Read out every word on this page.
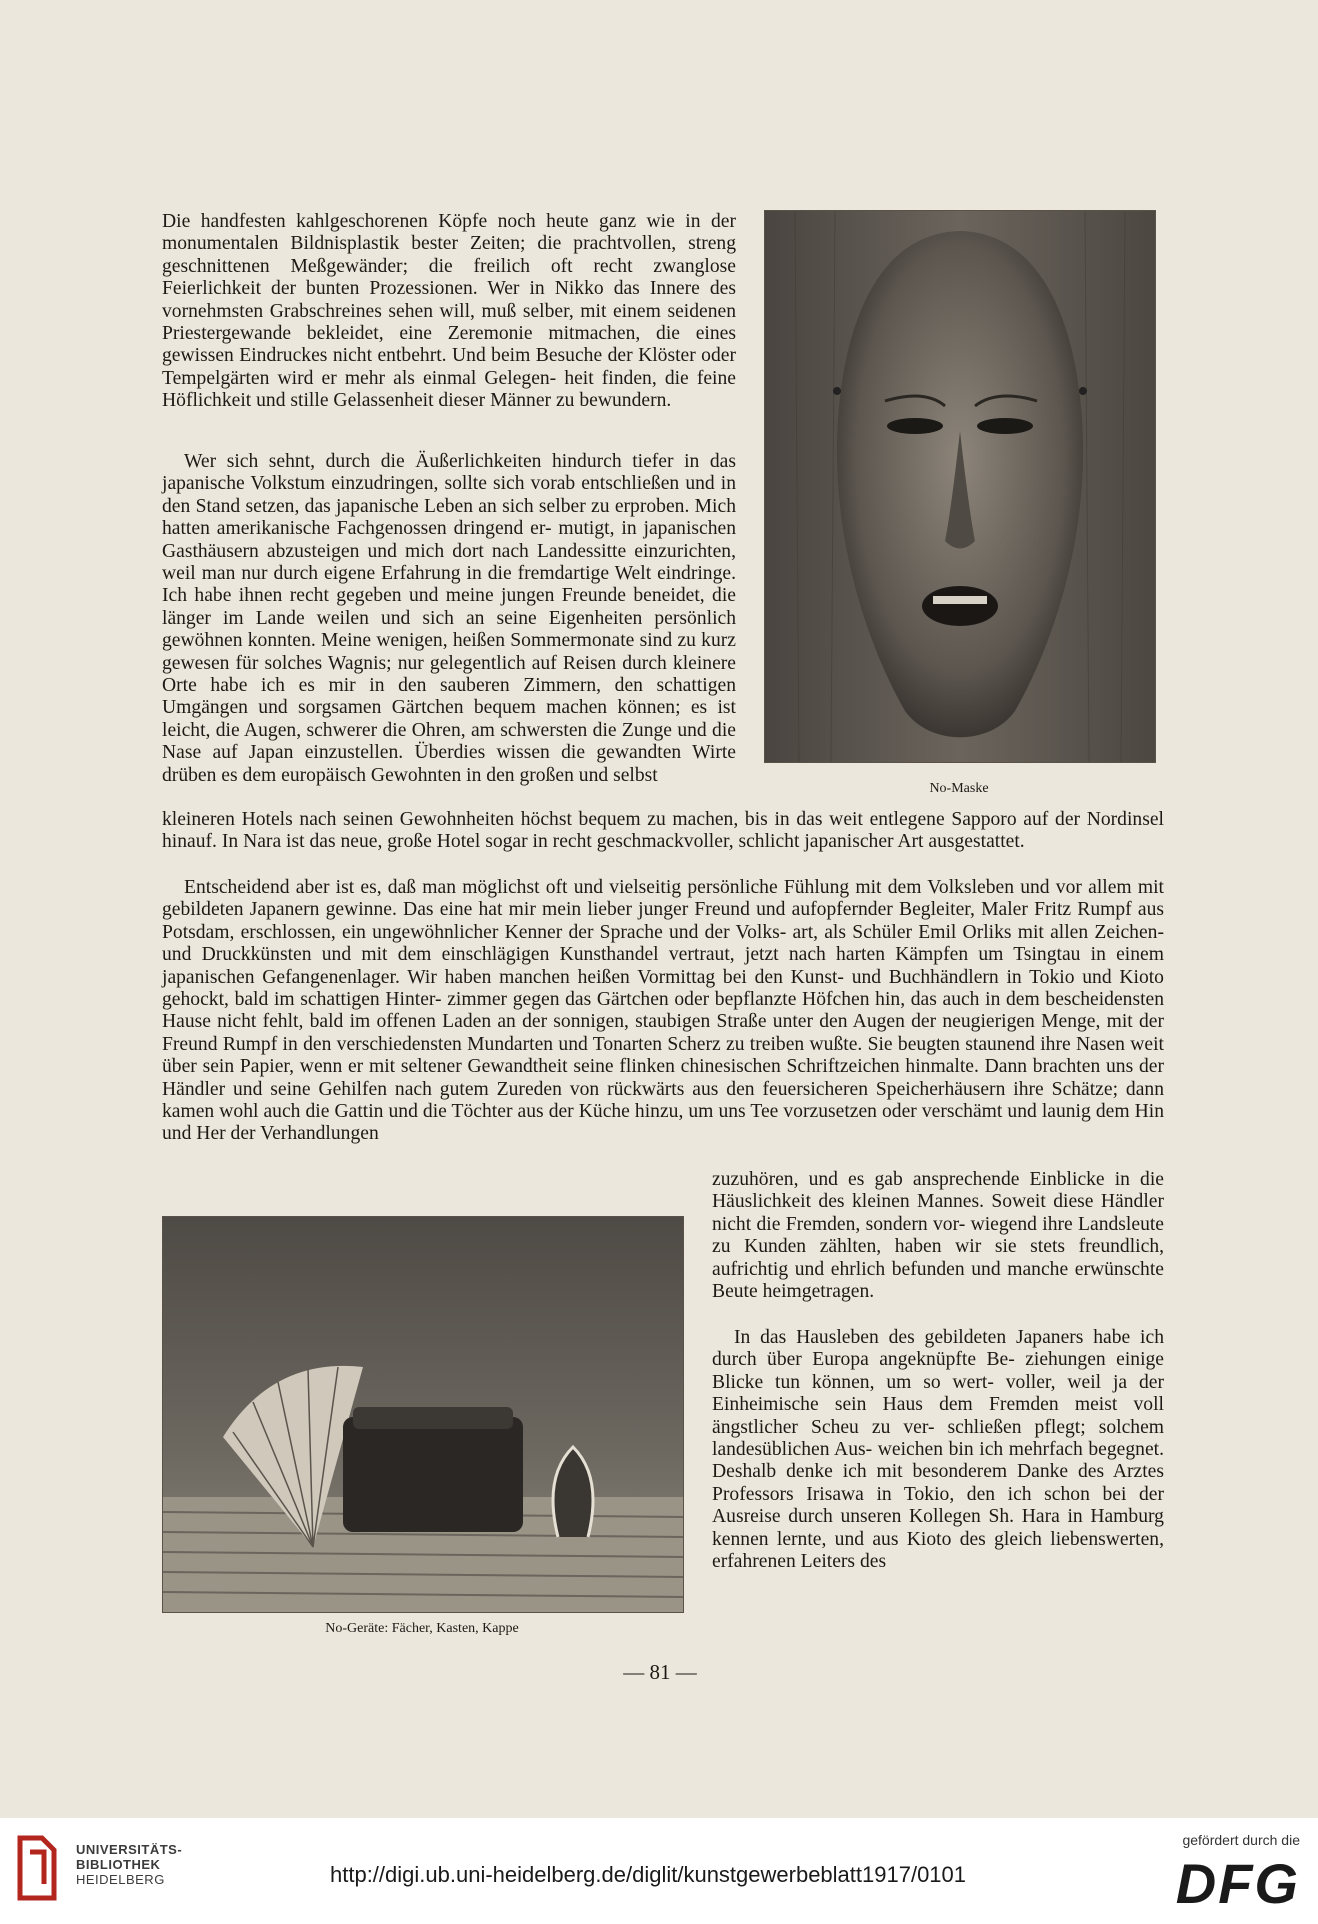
Die handfesten kahlgeschorenen Köpfe noch heute ganz wie in der monumentalen Bildnisplastik bester Zeiten; die prachtvollen, streng geschnittenen Meßgewänder; die freilich oft recht zwanglose Feierlichkeit der bunten Prozessionen. Wer in Nikko das Innere des vornehmsten Grabschreines sehen will, muß selber, mit einem seidenen Priestergewande bekleidet, eine Zeremonie mitmachen, die eines gewissen Eindruckes nicht entbehrt. Und beim Besuche der Klöster oder Tempelgärten wird er mehr als einmal Gelegen- heit finden, die feine Höflichkeit und stille Gelassenheit dieser Männer zu bewundern.
Wer sich sehnt, durch die Äußerlichkeiten hindurch tiefer in das japanische Volkstum einzudringen, sollte sich vorab entschließen und in den Stand setzen, das japanische Leben an sich selber zu erproben. Mich hatten amerikanische Fachgenossen dringend er- mutigt, in japanischen Gasthäusern abzusteigen und mich dort nach Landessitte einzurichten, weil man nur durch eigene Erfahrung in die fremdartige Welt eindringe. Ich habe ihnen recht gegeben und meine jungen Freunde beneidet, die länger im Lande weilen und sich an seine Eigenheiten persönlich gewöhnen konnten. Meine wenigen, heißen Sommermonate sind zu kurz gewesen für solches Wagnis; nur gelegentlich auf Reisen durch kleinere Orte habe ich es mir in den sauberen Zimmern, den schattigen Umgängen und sorgsamen Gärtchen bequem machen können; es ist leicht, die Augen, schwerer die Ohren, am schwersten die Zunge und die Nase auf Japan einzustellen. Überdies wissen die gewandten Wirte drüben es dem europäisch Gewohnten in den großen und selbst
kleineren Hotels nach seinen Gewohnheiten höchst bequem zu machen, bis in das weit entlegene Sapporo auf der Nordinsel hinauf. In Nara ist das neue, große Hotel sogar in recht geschmackvoller, schlicht japanischer Art ausgestattet.
Entscheidend aber ist es, daß man möglichst oft und vielseitig persönliche Fühlung mit dem Volksleben und vor allem mit gebildeten Japanern gewinne. Das eine hat mir mein lieber junger Freund und aufopfernder Begleiter, Maler Fritz Rumpf aus Potsdam, erschlossen, ein ungewöhnlicher Kenner der Sprache und der Volks- art, als Schüler Emil Orliks mit allen Zeichen- und Druckkünsten und mit dem einschlägigen Kunsthandel vertraut, jetzt nach harten Kämpfen um Tsingtau in einem japanischen Gefangenenlager. Wir haben manchen heißen Vormittag bei den Kunst- und Buchhändlern in Tokio und Kioto gehockt, bald im schattigen Hinter- zimmer gegen das Gärtchen oder bepflanzte Höfchen hin, das auch in dem bescheidensten Hause nicht fehlt, bald im offenen Laden an der sonnigen, staubigen Straße unter den Augen der neugierigen Menge, mit der Freund Rumpf in den verschiedensten Mundarten und Tonarten Scherz zu treiben wußte. Sie beugten staunend ihre Nasen weit über sein Papier, wenn er mit seltener Gewandtheit seine flinken chinesischen Schriftzeichen hinmalte. Dann brachten uns der Händler und seine Gehilfen nach gutem Zureden von rückwärts aus den feuersicheren Speicherhäusern ihre Schätze; dann kamen wohl auch die Gattin und die Töchter aus der Küche hinzu, um uns Tee vorzusetzen oder verschämt und launig dem Hin und Her der Verhandlungen
zuzuhören, und es gab ansprechende Einblicke in die Häuslichkeit des kleinen Mannes. Soweit diese Händler nicht die Fremden, sondern vor- wiegend ihre Landsleute zu Kunden zählten, haben wir sie stets freundlich, aufrichtig und ehrlich befunden und manche erwünschte Beute heimgetragen.
In das Hausleben des gebildeten Japaners habe ich durch über Europa angeknüpfte Be- ziehungen einige Blicke tun können, um so wert- voller, weil ja der Einheimische sein Haus dem Fremden meist voll ängstlicher Scheu zu ver- schließen pflegt; solchem landesüblichen Aus- weichen bin ich mehrfach begegnet. Deshalb denke ich mit besonderem Danke des Arztes Professors Irisawa in Tokio, den ich schon bei der Ausreise durch unseren Kollegen Sh. Hara in Hamburg kennen lernte, und aus Kioto des gleich liebenswerten, erfahrenen Leiters des

No-Maske

No-Geräte: Fächer, Kasten, Kappe

— 81 —

UNIVERSITÄTS-
BIBLIOTHEK
HEIDELBERG	http://digi.ub.uni-heidelberg.de/diglit/kunstgewerbeblatt1917/0101

gefördert durch die

DFG
